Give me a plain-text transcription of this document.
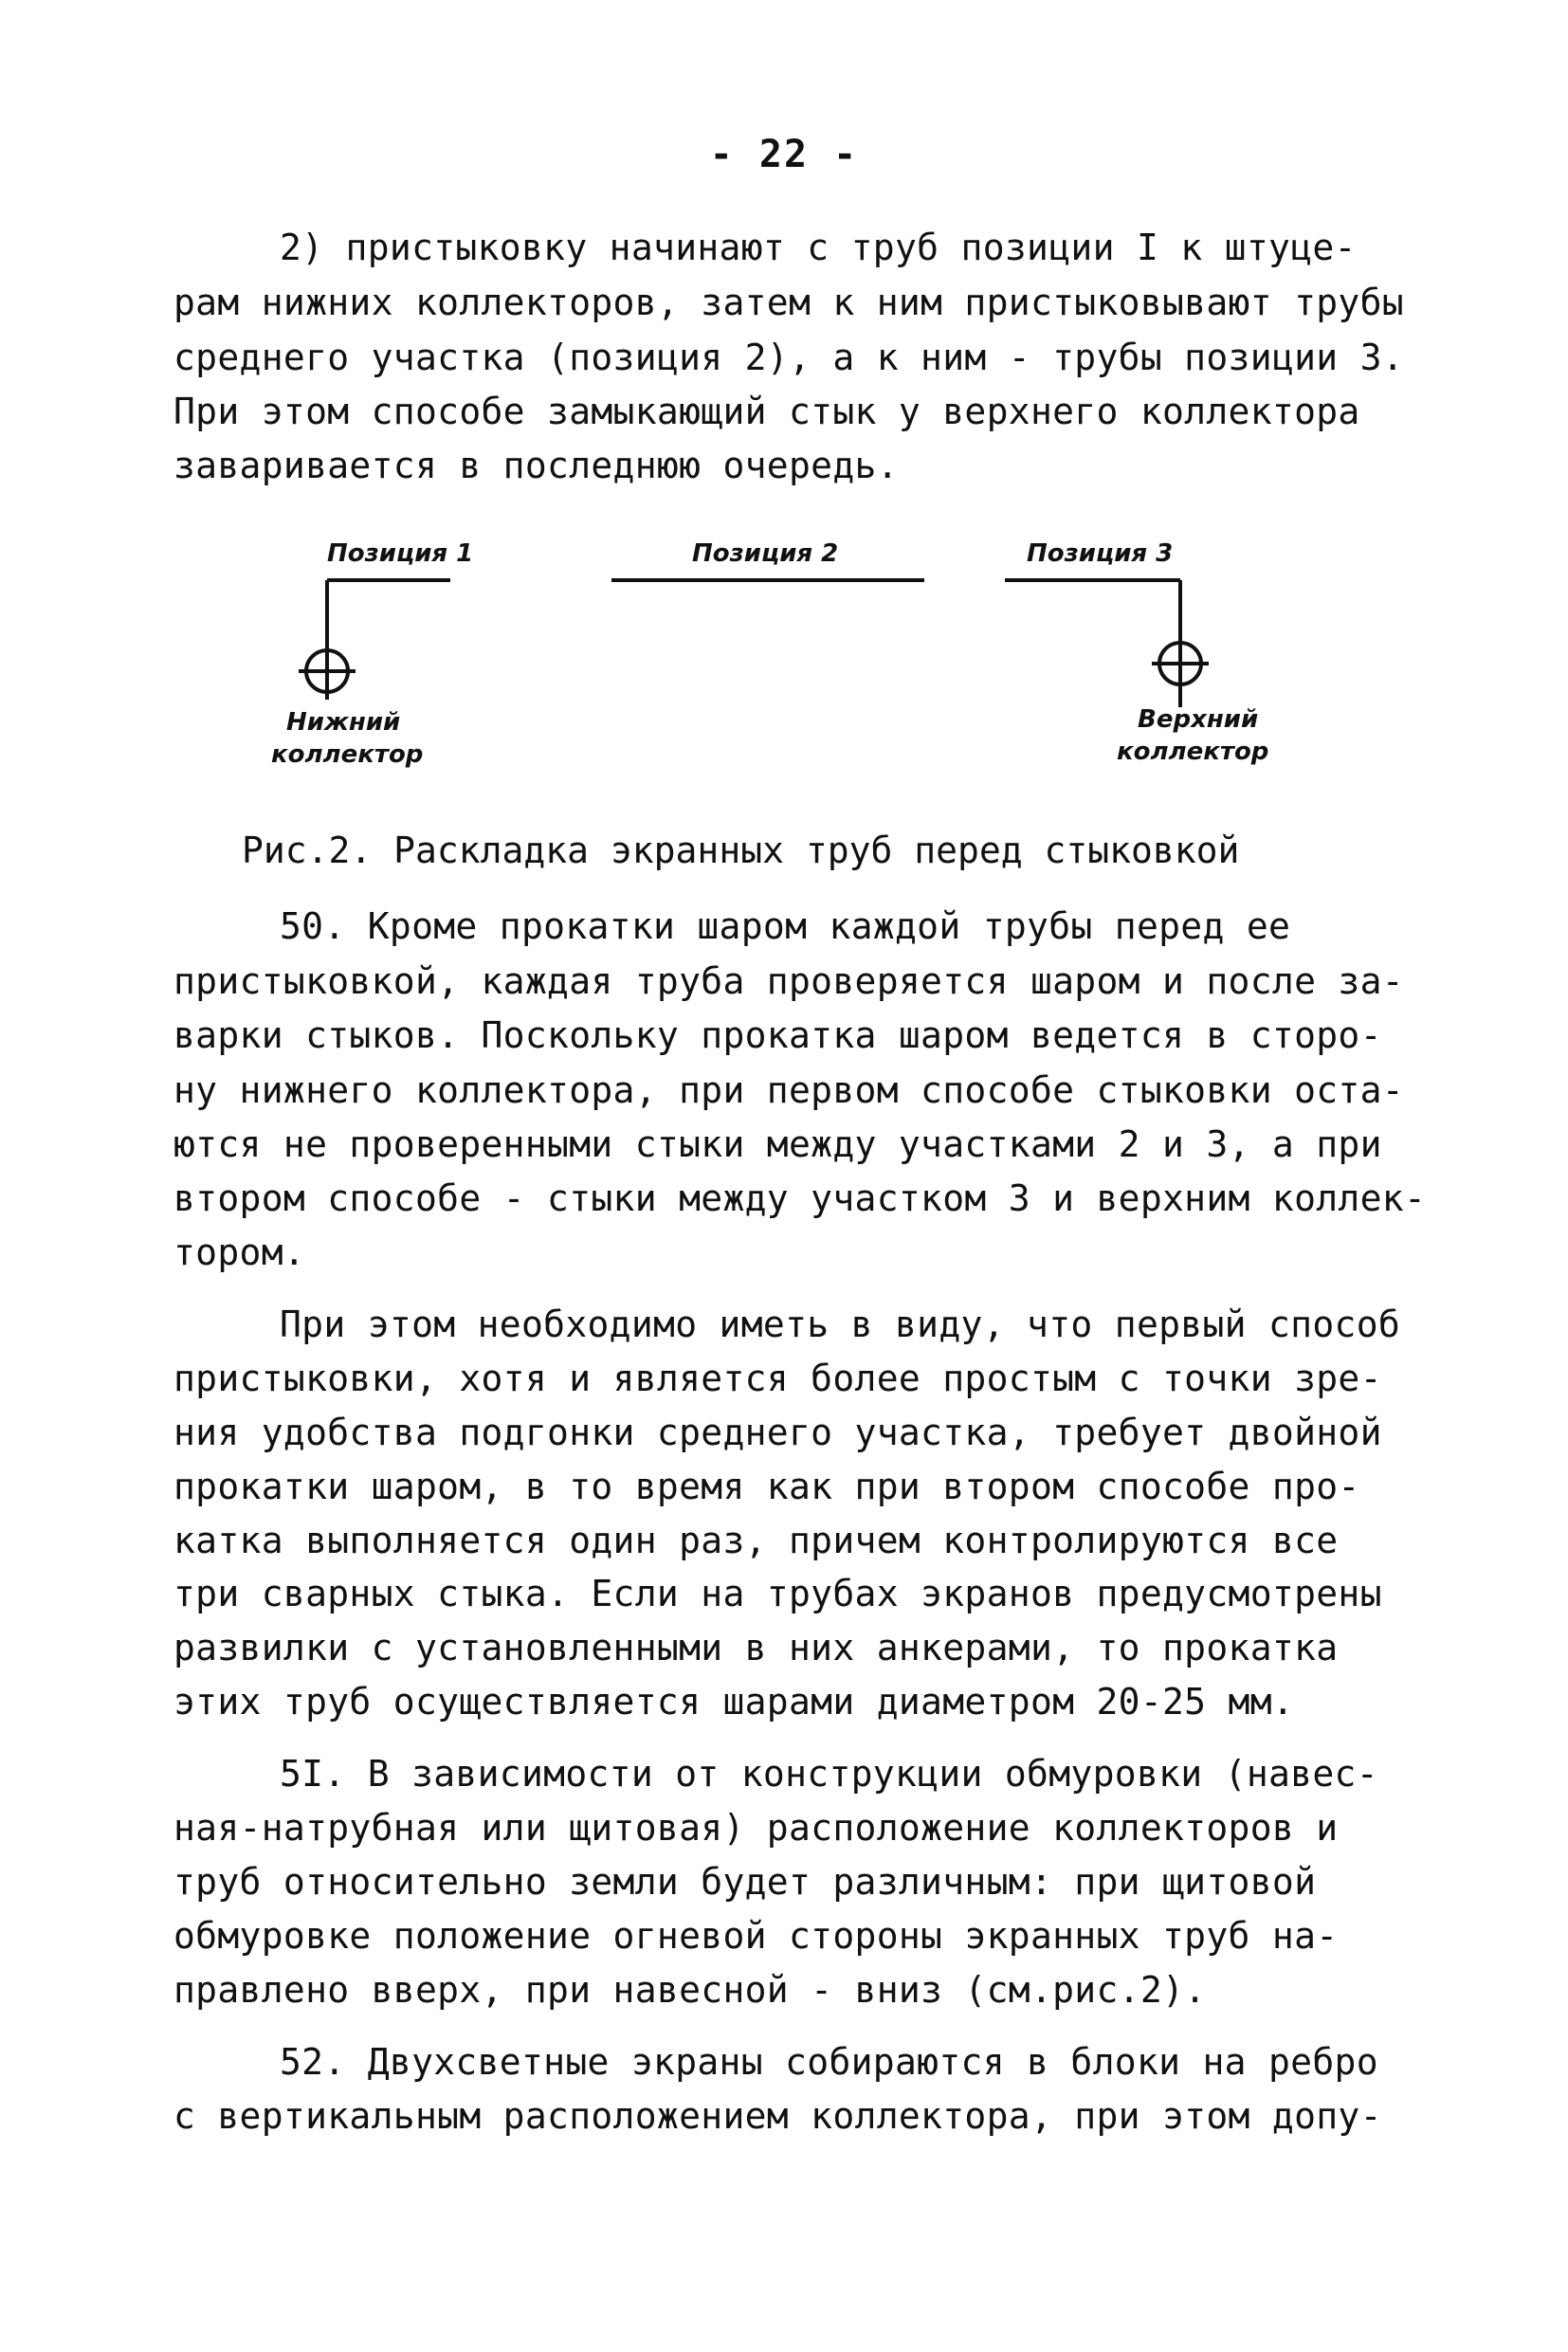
- 22 -
2) пристыковку начинают с труб позиции I к штуце-
рам нижних коллекторов, затем к ним пристыковывают трубы
среднего участка (позиция 2), а к ним - трубы позиции 3.
При этом способе замыкающий стык у верхнего коллектора
заваривается в последнюю очередь.
Позиция 1	Позиция 2	Позиция 3
Нижний
коллектор
Верхний
коллектор
Рис.2. Раскладка экранных труб перед стыковкой
50. Кроме прокатки шаром каждой трубы перед ее
пристыковкой, каждая труба проверяется шаром и после за-
варки стыков. Поскольку прокатка шаром ведется в сторо-
ну нижнего коллектора, при первом способе стыковки оста-
ются не проверенными стыки между участками 2 и 3, а при
втором способе - стыки между участком 3 и верхним коллек-
тором.
При этом необходимо иметь в виду, что первый способ
пристыковки, хотя и является более простым с точки зре-
ния удобства подгонки среднего участка, требует двойной
прокатки шаром, в то время как при втором способе про-
катка выполняется один раз, причем контролируются все
три сварных стыка. Если на трубах экранов предусмотрены
развилки с установленными в них анкерами, то прокатка
этих труб осуществляется шарами диаметром 20-25 мм.
5I. В зависимости от конструкции обмуровки (навес-
ная-натрубная или щитовая) расположение коллекторов и
труб относительно земли будет различным: при щитовой
обмуровке положение огневой стороны экранных труб на-
правлено вверх, при навесной - вниз (см.рис.2).
52. Двухсветные экраны собираются в блоки на ребро
с вертикальным расположением коллектора, при этом допу-
